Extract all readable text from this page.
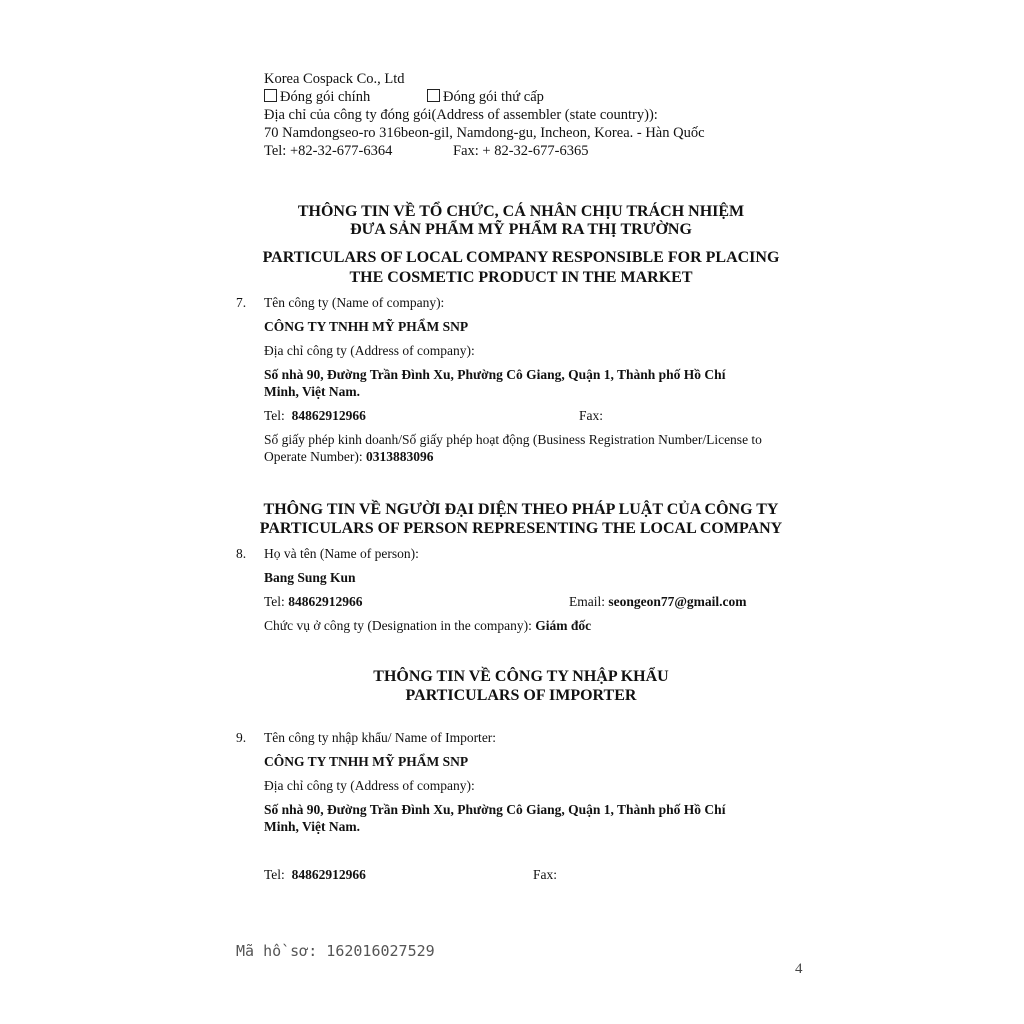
Korea Cospack Co., Ltd
Đóng gói chính	Đóng gói thứ cấp
Địa chỉ của công ty đóng gói(Address of assembler (state country)):
70 Namdongseo-ro 316beon-gil, Namdong-gu, Incheon, Korea. - Hàn Quốc
Tel: +82-32-677-6364	Fax: + 82-32-677-6365
THÔNG TIN VỀ TỔ CHỨC, CÁ NHÂN CHỊU TRÁCH NHIỆM
ĐƯA SẢN PHẨM MỸ PHẨM RA THỊ TRƯỜNG
PARTICULARS OF LOCAL COMPANY RESPONSIBLE FOR PLACING
THE COSMETIC PRODUCT IN THE MARKET
7. Tên công ty (Name of company):
CÔNG TY TNHH MỸ PHẨM SNP
Địa chỉ công ty (Address of company):
Số nhà 90, Đường Trần Đình Xu, Phường Cô Giang, Quận 1, Thành phố Hồ Chí
Minh, Việt Nam.
Tel: 84862912966	Fax:
Số giấy phép kinh doanh/Số giấy phép hoạt động (Business Registration Number/License to
Operate Number): 0313883096
THÔNG TIN VỀ NGƯỜI ĐẠI DIỆN THEO PHÁP LUẬT CỦA CÔNG TY
PARTICULARS OF PERSON REPRESENTING THE LOCAL COMPANY
8. Họ và tên (Name of person):
Bang Sung Kun
Tel: 84862912966	Email: seongeon77@gmail.com
Chức vụ ở công ty (Designation in the company): Giám đốc
THÔNG TIN VỀ CÔNG TY NHẬP KHẨU
PARTICULARS OF IMPORTER
9. Tên công ty nhập khẩu/ Name of Importer:
CÔNG TY TNHH MỸ PHẨM SNP
Địa chỉ công ty (Address of company):
Số nhà 90, Đường Trần Đình Xu, Phường Cô Giang, Quận 1, Thành phố Hồ Chí
Minh, Việt Nam.
Tel: 84862912966	Fax:
Mã hồ sơ: 162016027529
4
